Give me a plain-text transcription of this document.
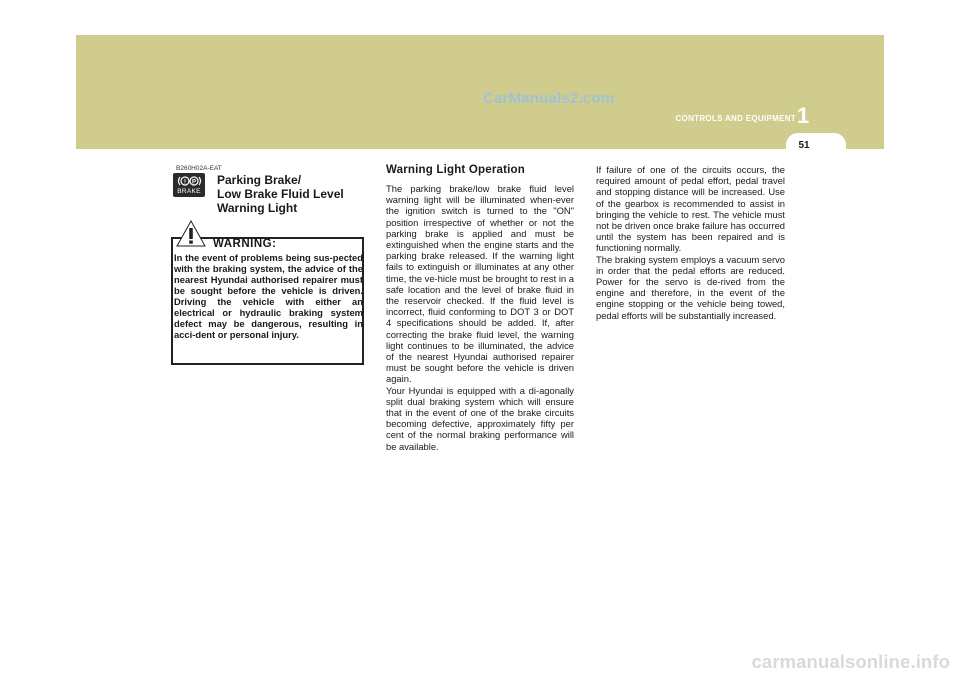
CarManuals2.com
CONTROLS AND EQUIPMENT 1
51
B260H02A-EAT
! P
BRAKE
Parking Brake/
Low Brake Fluid Level
Warning Light
WARNING:
In the event of problems being sus-pected with the braking system, the advice of the nearest Hyundai authorised repairer must be sought before the vehicle is driven. Driving the vehicle with either an electrical or hydraulic braking system defect may be dangerous, resulting in acci-dent or personal injury.
Warning Light Operation

The parking brake/low brake fluid level warning light will be illuminated when-ever the ignition switch is turned to the "ON" position irrespective of whether or not the parking brake is applied and must be extinguished when the engine starts and the parking brake released. If the warning light fails to extinguish or illuminates at any other time, the ve-hicle must be brought to rest in a safe location and the level of brake fluid in the reservoir checked. If the fluid level is incorrect, fluid conforming to DOT 3 or DOT 4 specifications should be added. If, after correcting the brake fluid level, the warning light continues to be illuminated, the advice of the nearest Hyundai authorised repairer must be sought before the vehicle is driven again.

Your Hyundai is equipped with a di-agonally split dual braking system which will ensure that in the event of one of the brake circuits becoming defective, approximately fifty per cent of the normal braking performance will be available.

If failure of one of the circuits occurs, the required amount of pedal effort, pedal travel and stopping distance will be increased. Use of the gearbox is recommended to assist in bringing the vehicle to rest. The vehicle must not be driven once brake failure has occurred until the system has been repaired and is functioning normally.

The braking system employs a vacuum servo in order that the pedal efforts are reduced. Power for the servo is de-rived from the engine and therefore, in the event of the engine stopping or the vehicle being towed, pedal efforts will be substantially increased.

carmanualsonline.info
